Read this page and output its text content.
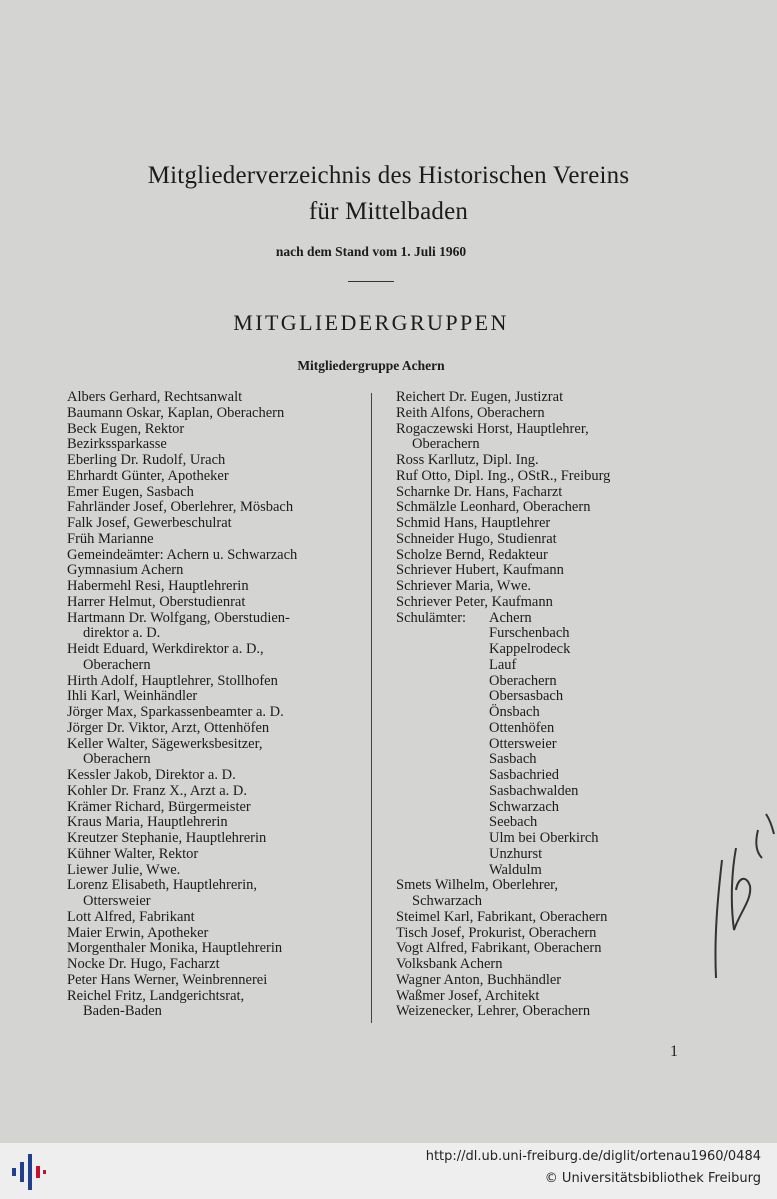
Mitgliederverzeichnis des Historischen Vereins
für Mittelbaden
nach dem Stand vom 1. Juli 1960
MITGLIEDERGRUPPEN
Mitgliedergruppe Achern
Albers Gerhard, Rechtsanwalt
Baumann Oskar, Kaplan, Oberachern
Beck Eugen, Rektor
Bezirkssparkasse
Eberling Dr. Rudolf, Urach
Ehrhardt Günter, Apotheker
Emer Eugen, Sasbach
Fahrländer Josef, Oberlehrer, Mösbach
Falk Josef, Gewerbeschulrat
Früh Marianne
Gemeindeämter: Achern u. Schwarzach
Gymnasium Achern
Habermehl Resi, Hauptlehrerin
Harrer Helmut, Oberstudienrat
Hartmann Dr. Wolfgang, Oberstudien-
direktor a. D.
Heidt Eduard, Werkdirektor a. D.,
Oberachern
Hirth Adolf, Hauptlehrer, Stollhofen
Ihli Karl, Weinhändler
Jörger Max, Sparkassenbeamter a. D.
Jörger Dr. Viktor, Arzt, Ottenhöfen
Keller Walter, Sägewerksbesitzer,
Oberachern
Kessler Jakob, Direktor a. D.
Kohler Dr. Franz X., Arzt a. D.
Krämer Richard, Bürgermeister
Kraus Maria, Hauptlehrerin
Kreutzer Stephanie, Hauptlehrerin
Kühner Walter, Rektor
Liewer Julie, Wwe.
Lorenz Elisabeth, Hauptlehrerin,
Ottersweier
Lott Alfred, Fabrikant
Maier Erwin, Apotheker
Morgenthaler Monika, Hauptlehrerin
Nocke Dr. Hugo, Facharzt
Peter Hans Werner, Weinbrennerei
Reichel Fritz, Landgerichtsrat,
Baden-Baden
Reichert Dr. Eugen, Justizrat
Reith Alfons, Oberachern
Rogaczewski Horst, Hauptlehrer,
Oberachern
Ross Karllutz, Dipl. Ing.
Ruf Otto, Dipl. Ing., OStR., Freiburg
Scharnke Dr. Hans, Facharzt
Schmälzle Leonhard, Oberachern
Schmid Hans, Hauptlehrer
Schneider Hugo, Studienrat
Scholze Bernd, Redakteur
Schriever Hubert, Kaufmann
Schriever Maria, Wwe.
Schriever Peter, Kaufmann
Schulämter: Achern
Furschenbach
Kappelrodeck
Lauf
Oberachern
Obersasbach
Önsbach
Ottenhöfen
Ottersweier
Sasbach
Sasbachried
Sasbachwalden
Schwarzach
Seebach
Ulm bei Oberkirch
Unzhurst
Waldulm
Smets Wilhelm, Oberlehrer,
Schwarzach
Steimel Karl, Fabrikant, Oberachern
Tisch Josef, Prokurist, Oberachern
Vogt Alfred, Fabrikant, Oberachern
Volksbank Achern
Wagner Anton, Buchhändler
Waßmer Josef, Architekt
Weizenecker, Lehrer, Oberachern
1
http://dl.ub.uni-freiburg.de/diglit/ortenau1960/0484
© Universitätsbibliothek Freiburg
